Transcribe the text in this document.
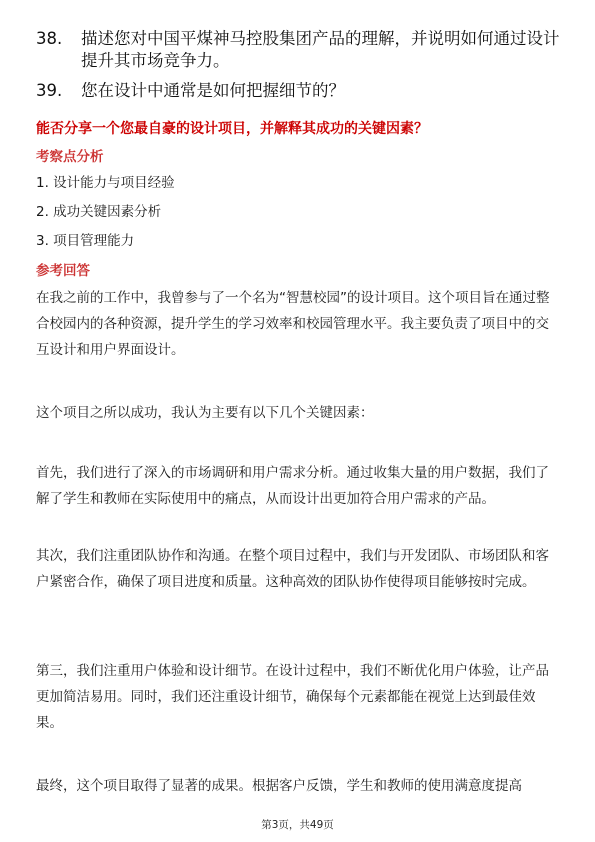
38.	描述您对中国平煤神马控股集团产品的理解，并说明如何通过设计提升其市场竞争力。
39.	您在设计中通常是如何把握细节的？
能否分享一个您最自豪的设计项目，并解释其成功的关键因素？
考察点分析
1. 设计能力与项目经验
2. 成功关键因素分析
3. 项目管理能力
参考回答
在我之前的工作中，我曾参与了一个名为“智慧校园”的设计项目。这个项目旨在通过整合校园内的各种资源，提升学生的学习效率和校园管理水平。我主要负责了项目中的交互设计和用户界面设计。
这个项目之所以成功，我认为主要有以下几个关键因素：
首先，我们进行了深入的市场调研和用户需求分析。通过收集大量的用户数据，我们了解了学生和教师在实际使用中的痛点，从而设计出更加符合用户需求的产品。
其次，我们注重团队协作和沟通。在整个项目过程中，我们与开发团队、市场团队和客户紧密合作，确保了项目进度和质量。这种高效的团队协作使得项目能够按时完成。
第三，我们注重用户体验和设计细节。在设计过程中，我们不断优化用户体验，让产品更加简洁易用。同时，我们还注重设计细节，确保每个元素都能在视觉上达到最佳效果。
最终，这个项目取得了显著的成果。根据客户反馈，学生和教师的使用满意度提高
第3页，共49页
